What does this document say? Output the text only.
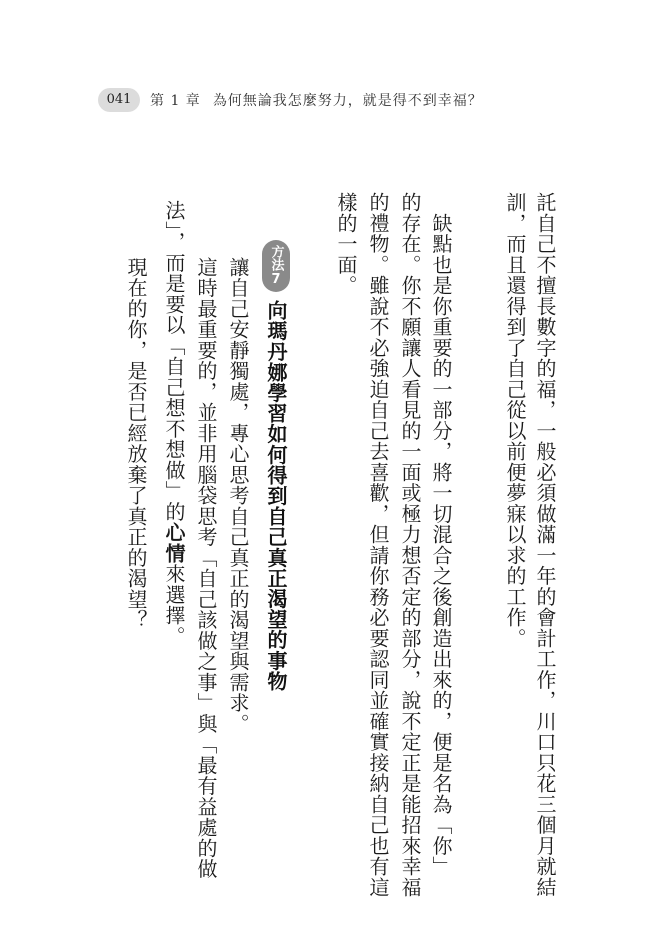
041	第 1 章 為何無論我怎麼努力，就是得不到幸福？
託自己不擅長數字的福，一般必須做滿一年的會計工作，川口只花三個月就結
訓，而且還得到了自己從以前便夢寐以求的工作。
　缺點也是你重要的一部分，將一切混合之後創造出來的，便是名為「你」
的存在。你不願讓人看見的一面或極力想否定的部分，說不定正是能招來幸福
的禮物。雖說不必強迫自己去喜歡，但請你務必要認同並確實接納自己也有這
樣的一面。
方法
7
向瑪丹娜學習如何得到自己真正渴望的事物
　讓自己安靜獨處，專心思考自己真正的渴望與需求。
　這時最重要的，並非用腦袋思考「自己該做之事」與「最有益處的做
法」，而是要以「自己想不想做」的心情來選擇。
　現在的你，是否已經放棄了真正的渴望？
